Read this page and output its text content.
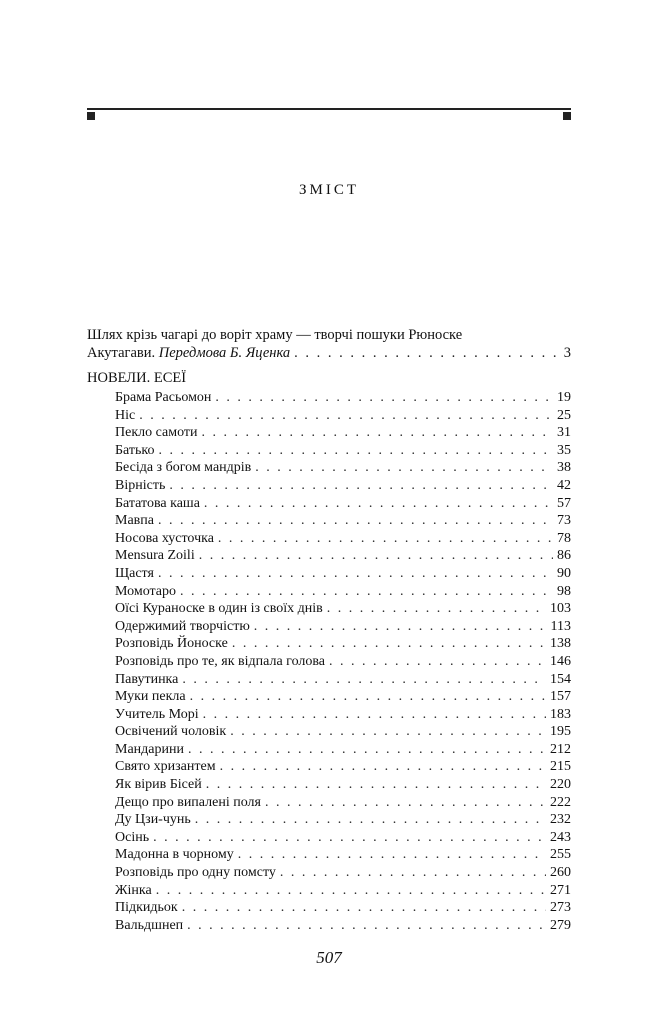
ЗМІСТ
Шлях крізь чагарі до воріт храму — творчі пошуки Рюноске
Акутагави. Передмова Б. Яценка . . .	3
НОВЕЛИ. ЕСЕЇ
Брама Расьомон . . .	19
Ніс . . .	25
Пекло самоти . . .	31
Батько . . .	35
Бесіда з богом мандрів . . .	38
Вірність . . .	42
Бататова каша . . .	57
Мавпа . . .	73
Носова хусточка . . .	78
Mensura Zoili . . .	86
Щастя . . .	90
Момотаро . . .	98
Оїсі Кураноске в один із своїх днів . . .	103
Одержимий творчістю . . .	113
Розповідь Йоноске . . .	138
Розповідь про те, як відпала голова . . .	146
Павутинка . . .	154
Муки пекла . . .	157
Учитель Морі . . .	183
Освічений чоловік . . .	195
Мандарини . . .	212
Свято хризантем . . .	215
Як вірив Бісей . . .	220
Дещо про випалені поля . . .	222
Ду Цзи-чунь . . .	232
Осінь . . .	243
Мадонна в чорному . . .	255
Розповідь про одну помсту . . .	260
Жінка . . .	271
Підкидьок . . .	273
Вальдшнеп . . .	279
507
